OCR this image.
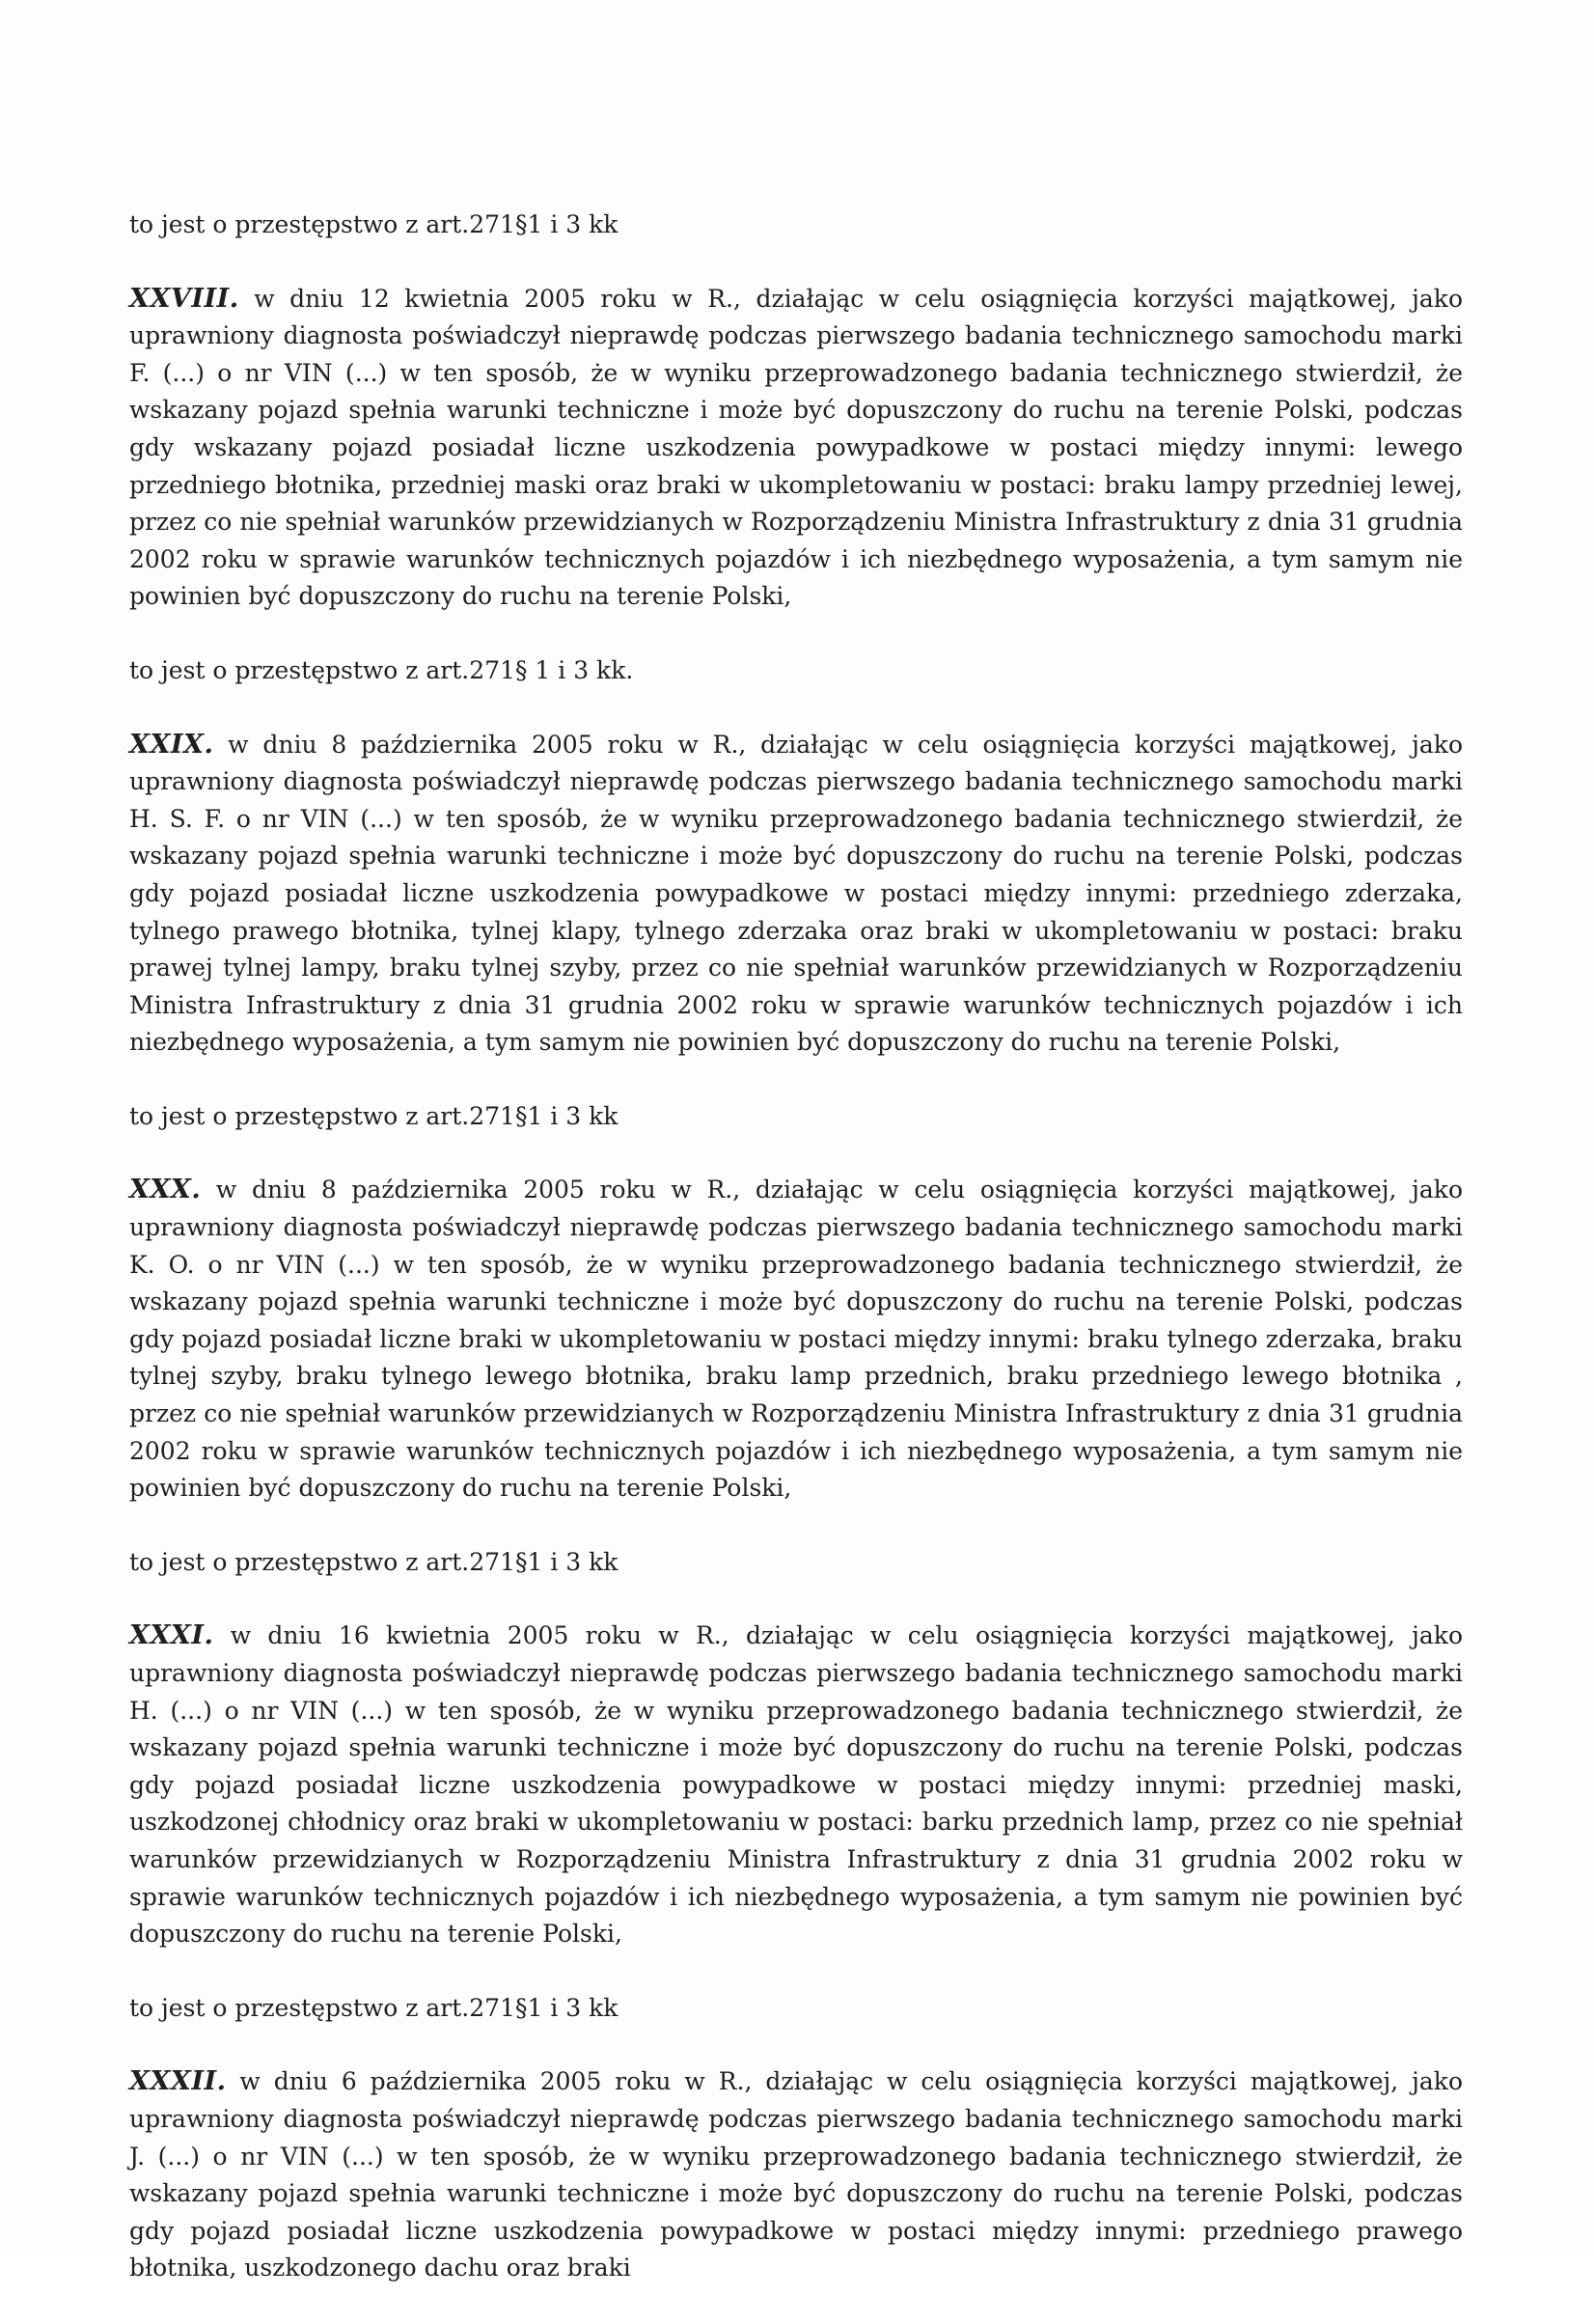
to jest o przestępstwo z art.271§1 i 3 kk

XXVIII. w dniu 12 kwietnia 2005 roku w R., działając w celu osiągnięcia korzyści majątkowej, jako uprawniony diagnosta poświadczył nieprawdę podczas pierwszego badania technicznego samochodu marki F. (...) o nr VIN (...) w ten sposób, że w wyniku przeprowadzonego badania technicznego stwierdził, że wskazany pojazd spełnia warunki techniczne i może być dopuszczony do ruchu na terenie Polski, podczas gdy wskazany pojazd posiadał liczne uszkodzenia powypadkowe w postaci między innymi: lewego przedniego błotnika, przedniej maski oraz braki w ukompletowaniu w postaci: braku lampy przedniej lewej, przez co nie spełniał warunków przewidzianych w Rozporządzeniu Ministra Infrastruktury z dnia 31 grudnia 2002 roku w sprawie warunków technicznych pojazdów i ich niezbędnego wyposażenia, a tym samym nie powinien być dopuszczony do ruchu na terenie Polski,

to jest o przestępstwo z art.271§ 1 i 3 kk.

XXIX. w dniu 8 października 2005 roku w R., działając w celu osiągnięcia korzyści majątkowej, jako uprawniony diagnosta poświadczył nieprawdę podczas pierwszego badania technicznego samochodu marki H. S. F. o nr VIN (...) w ten sposób, że w wyniku przeprowadzonego badania technicznego stwierdził, że wskazany pojazd spełnia warunki techniczne i może być dopuszczony do ruchu na terenie Polski, podczas gdy pojazd posiadał liczne uszkodzenia powypadkowe w postaci między innymi: przedniego zderzaka, tylnego prawego błotnika, tylnej klapy, tylnego zderzaka oraz braki w ukompletowaniu w postaci: braku prawej tylnej lampy, braku tylnej szyby, przez co nie spełniał warunków przewidzianych w Rozporządzeniu Ministra Infrastruktury z dnia 31 grudnia 2002 roku w sprawie warunków technicznych pojazdów i ich niezbędnego wyposażenia, a tym samym nie powinien być dopuszczony do ruchu na terenie Polski,

to jest o przestępstwo z art.271§1 i 3 kk

XXX. w dniu 8 października 2005 roku w R., działając w celu osiągnięcia korzyści majątkowej, jako uprawniony diagnosta poświadczył nieprawdę podczas pierwszego badania technicznego samochodu marki K. O. o nr VIN (...) w ten sposób, że w wyniku przeprowadzonego badania technicznego stwierdził, że wskazany pojazd spełnia warunki techniczne i może być dopuszczony do ruchu na terenie Polski, podczas gdy pojazd posiadał liczne braki w ukompletowaniu w postaci między innymi: braku tylnego zderzaka, braku tylnej szyby, braku tylnego lewego błotnika, braku lamp przednich, braku przedniego lewego błotnika , przez co nie spełniał warunków przewidzianych w Rozporządzeniu Ministra Infrastruktury z dnia 31 grudnia 2002 roku w sprawie warunków technicznych pojazdów i ich niezbędnego wyposażenia, a tym samym nie powinien być dopuszczony do ruchu na terenie Polski,

to jest o przestępstwo z art.271§1 i 3 kk

XXXI. w dniu 16 kwietnia 2005 roku w R., działając w celu osiągnięcia korzyści majątkowej, jako uprawniony diagnosta poświadczył nieprawdę podczas pierwszego badania technicznego samochodu marki H. (...) o nr VIN (...) w ten sposób, że w wyniku przeprowadzonego badania technicznego stwierdził, że wskazany pojazd spełnia warunki techniczne i może być dopuszczony do ruchu na terenie Polski, podczas gdy pojazd posiadał liczne uszkodzenia powypadkowe w postaci między innymi: przedniej maski, uszkodzonej chłodnicy oraz braki w ukompletowaniu w postaci: barku przednich lamp, przez co nie spełniał warunków przewidzianych w Rozporządzeniu Ministra Infrastruktury z dnia 31 grudnia 2002 roku w sprawie warunków technicznych pojazdów i ich niezbędnego wyposażenia, a tym samym nie powinien być dopuszczony do ruchu na terenie Polski,

to jest o przestępstwo z art.271§1 i 3 kk

XXXII. w dniu 6 października 2005 roku w R., działając w celu osiągnięcia korzyści majątkowej, jako uprawniony diagnosta poświadczył nieprawdę podczas pierwszego badania technicznego samochodu marki J. (...) o nr VIN (...) w ten sposób, że w wyniku przeprowadzonego badania technicznego stwierdził, że wskazany pojazd spełnia warunki techniczne i może być dopuszczony do ruchu na terenie Polski, podczas gdy pojazd posiadał liczne uszkodzenia powypadkowe w postaci między innymi: przedniego prawego błotnika, uszkodzonego dachu oraz braki
